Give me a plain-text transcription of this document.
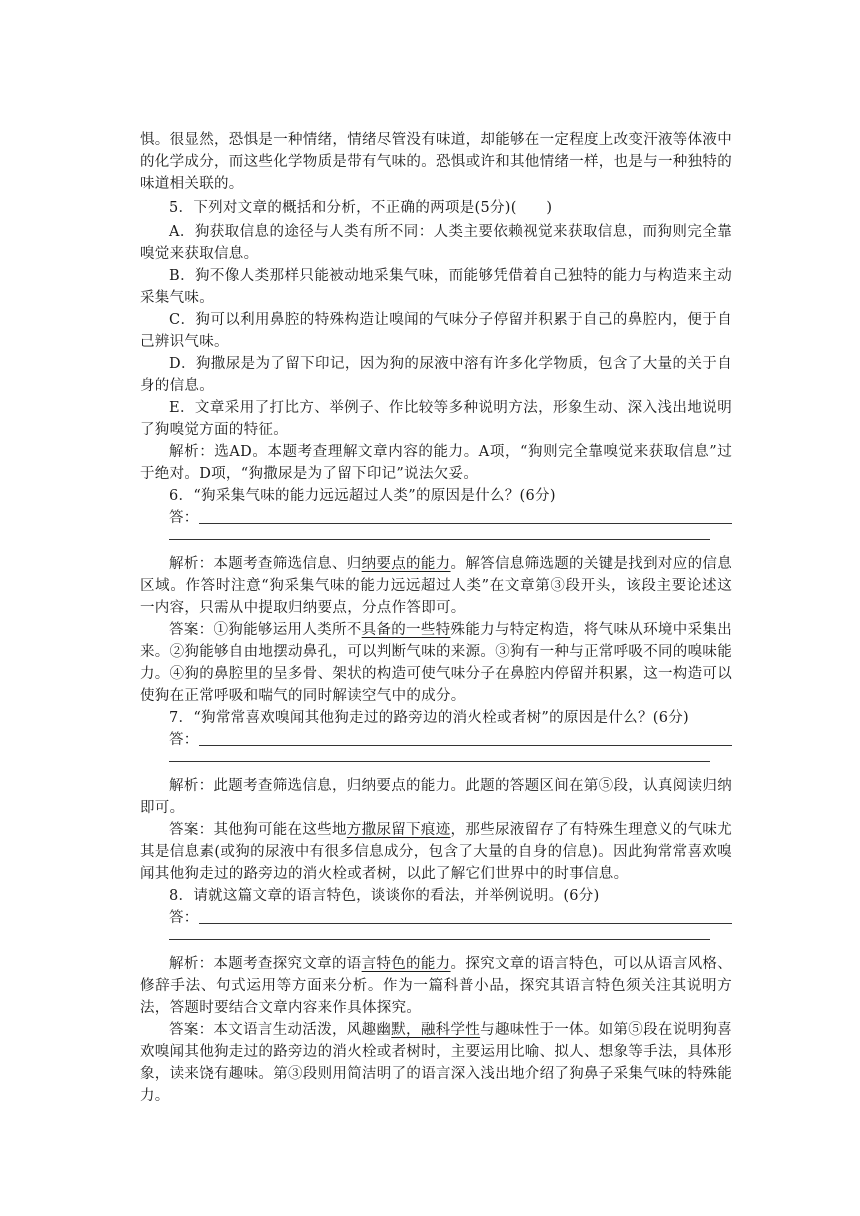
惧。很显然，恐惧是一种情绪，情绪尽管没有味道，却能够在一定程度上改变汗液等体液中的化学成分，而这些化学物质是带有气味的。恐惧或许和其他情绪一样，也是与一种独特的味道相关联的。

5．下列对文章的概括和分析，不正确的两项是(5分)(　　)

A．狗获取信息的途径与人类有所不同：人类主要依赖视觉来获取信息，而狗则完全靠嗅觉来获取信息。

B．狗不像人类那样只能被动地采集气味，而能够凭借着自己独特的能力与构造来主动采集气味。

C．狗可以利用鼻腔的特殊构造让嗅闻的气味分子停留并积累于自己的鼻腔内，便于自己辨识气味。

D．狗撒尿是为了留下印记，因为狗的尿液中溶有许多化学物质，包含了大量的关于自身的信息。

E．文章采用了打比方、举例子、作比较等多种说明方法，形象生动、深入浅出地说明了狗嗅觉方面的特征。

解析：选AD。本题考查理解文章内容的能力。A项，“狗则完全靠嗅觉来获取信息”过于绝对。D项，“狗撒尿是为了留下印记”说法欠妥。

6．“狗采集气味的能力远远超过人类”的原因是什么？(6分)

答：

解析：本题考查筛选信息、归纳要点的能力。解答信息筛选题的关键是找到对应的信息区域。作答时注意“狗采集气味的能力远远超过人类”在文章第③段开头，该段主要论述这一内容，只需从中提取归纳要点，分点作答即可。

答案：①狗能够运用人类所不具备的一些特殊能力与特定构造，将气味从环境中采集出来。②狗能够自由地摆动鼻孔，可以判断气味的来源。③狗有一种与正常呼吸不同的嗅味能力。④狗的鼻腔里的呈多骨、架状的构造可使气味分子在鼻腔内停留并积累，这一构造可以使狗在正常呼吸和喘气的同时解读空气中的成分。

7．“狗常常喜欢嗅闻其他狗走过的路旁边的消火栓或者树”的原因是什么？(6分)

答：

解析：此题考查筛选信息，归纳要点的能力。此题的答题区间在第⑤段，认真阅读归纳即可。

答案：其他狗可能在这些地方撒尿留下痕迹，那些尿液留存了有特殊生理意义的气味尤其是信息素(或狗的尿液中有很多信息成分，包含了大量的自身的信息)。因此狗常常喜欢嗅闻其他狗走过的路旁边的消火栓或者树，以此了解它们世界中的时事信息。

8．请就这篇文章的语言特色，谈谈你的看法，并举例说明。(6分)

答：

解析：本题考查探究文章的语言特色的能力。探究文章的语言特色，可以从语言风格、修辞手法、句式运用等方面来分析。作为一篇科普小品，探究其语言特色须关注其说明方法，答题时要结合文章内容来作具体探究。

答案：本文语言生动活泼，风趣幽默，融科学性与趣味性于一体。如第⑤段在说明狗喜欢嗅闻其他狗走过的路旁边的消火栓或者树时，主要运用比喻、拟人、想象等手法，具体形象，读来饶有趣味。第③段则用简洁明了的语言深入浅出地介绍了狗鼻子采集气味的特殊能力。
